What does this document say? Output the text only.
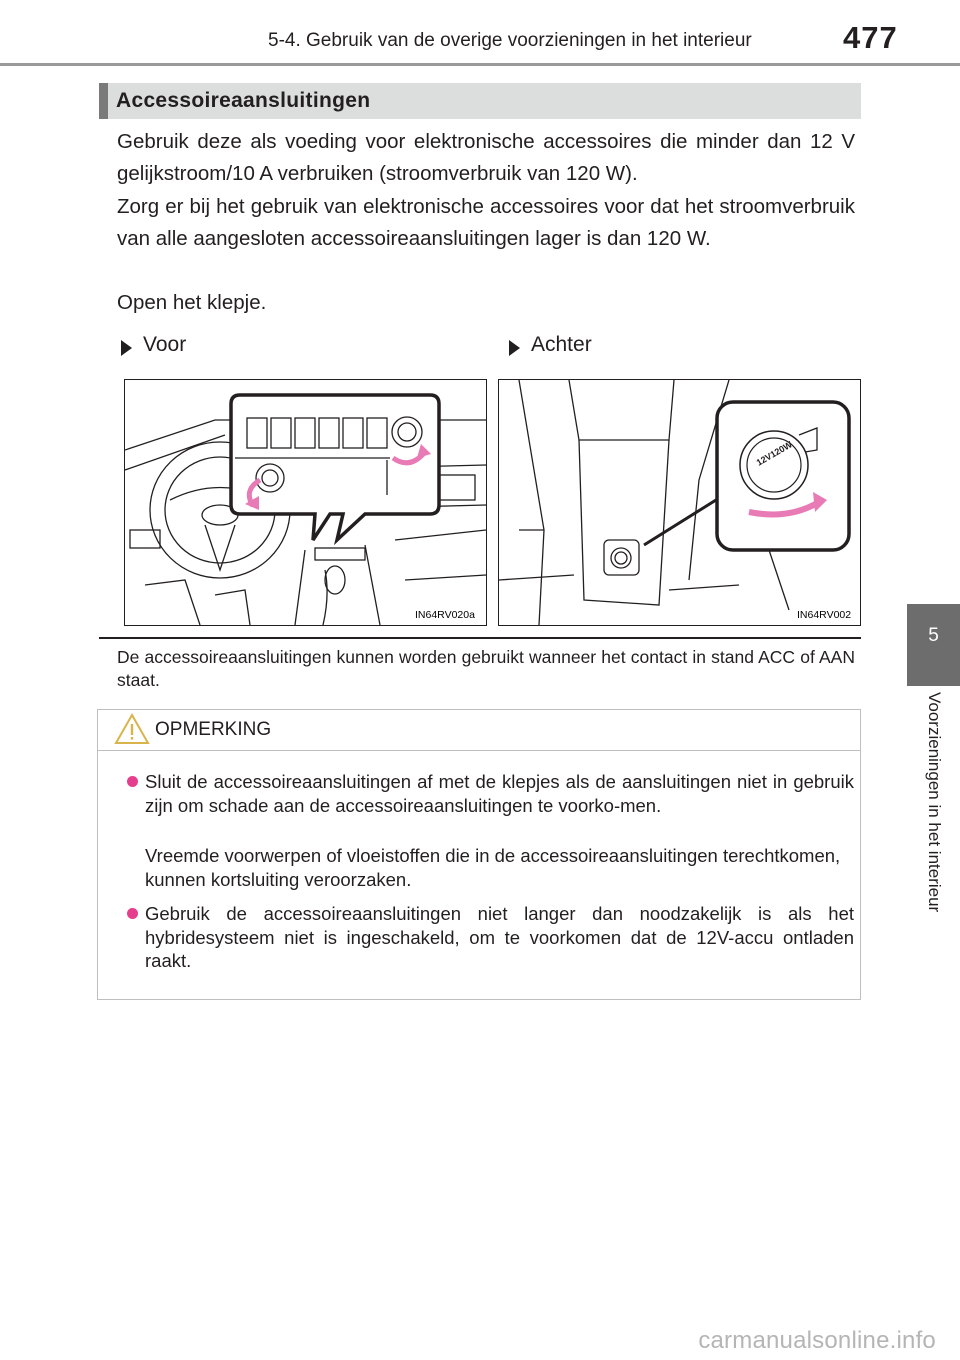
5-4. Gebruik van de overige voorzieningen in het interieur	477
5
Voorzieningen in het interieur
Accessoireaansluitingen
Gebruik deze als voeding voor elektronische accessoires die minder dan 12 V gelijkstroom/10 A verbruiken (stroomverbruik van 120 W).
Zorg er bij het gebruik van elektronische accessoires voor dat het stroomverbruik van alle aangesloten accessoireaansluitingen lager is dan 120 W.
Open het klepje.
Voor	Achter
IN64RV020a
12V120W
IN64RV002
De accessoireaansluitingen kunnen worden gebruikt wanneer het contact in stand ACC of AAN staat.
OPMERKING
Sluit de accessoireaansluitingen af met de klepjes als de aansluitingen niet in gebruik zijn om schade aan de accessoireaansluitingen te voorko-men.
Vreemde voorwerpen of vloeistoffen die in de accessoireaansluitingen terechtkomen, kunnen kortsluiting veroorzaken.
Gebruik de accessoireaansluitingen niet langer dan noodzakelijk is als het hybridesysteem niet is ingeschakeld, om te voorkomen dat de 12V-accu ontladen raakt.
carmanualsonline.info
